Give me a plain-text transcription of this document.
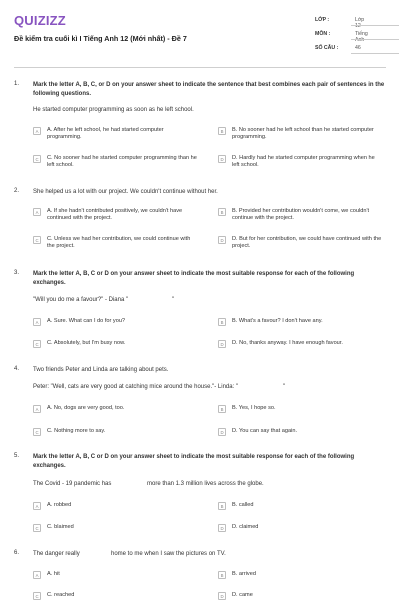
QUIZIZZ
Đề kiểm tra cuối kì I Tiếng Anh 12 (Mới nhất) - Đề 7
LỚP :	Lớp 12
MÔN :	Tiếng Anh
SỐ CÂU :	46
1. Mark the letter A, B, C, or D on your answer sheet to indicate the sentence that best combines each pair of sentences in the following questions.
He started computer programming as soon as he left school.
A	A. After he left school, he had started computer programming.
B	B. No sooner had he left school than he started computer programming.
C	C. No sooner had he started computer programming than he left school.
D	D. Hardly had he started computer programming when he left school.
2. She helped us a lot with our project. We couldn't continue without her.
A	A. If she hadn't contributed positively, we couldn't have continued with the project.
B	B. Provided her contribution wouldn't come, we couldn't continue with the project.
C	C. Unless we had her contribution, we could continue with the project.
D	D. But for her contribution, we could have continued with the project.
3. Mark the letter A, B, C or D on your answer sheet to indicate the most suitable response for each of the following exchanges.
"Will you do me a favour?" - Diana "	"
A	A. Sure. What can I do for you?	B	B. What's a favour? I don't have any.
C	C. Absolutely, but I'm busy now.	D	D. No, thanks anyway. I have enough favour.
4. Two friends Peter and Linda are talking about pets.
Peter: "Well, cats are very good at catching mice around the house."- Linda: "	"
A	A. No, dogs are very good, too.	B	B. Yes, I hope so.
C	C. Nothing more to say.	D	D. You can say that again.
5. Mark the letter A, B, C or D on your answer sheet to indicate the most suitable response for each of the following exchanges.
The Covid - 19 pandemic has	more than 1.3 million lives across the globe.
A	A. robbed	B	B. called
C	C. blaimed	D	D. claimed
6. The danger really	home to me when I saw the pictures on TV.
A	A. hit	B	B. arrived
C	C. reached	D	D. came
